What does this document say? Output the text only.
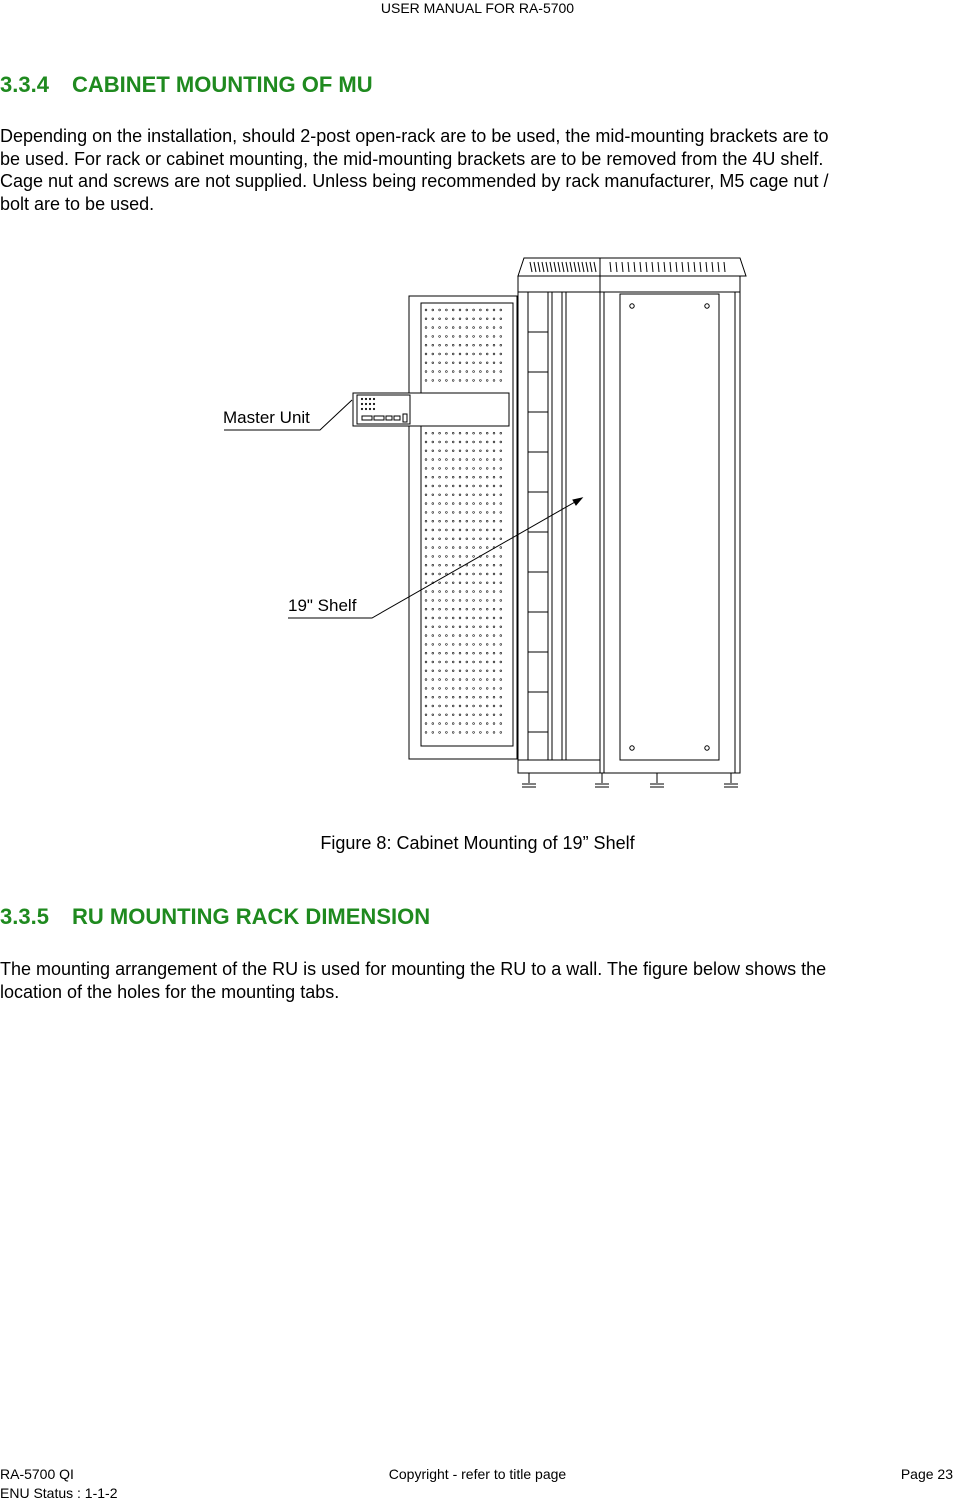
USER MANUAL FOR RA-5700
3.3.4 CABINET MOUNTING OF MU

Depending on the installation, should 2-post open-rack are to be used, the mid-mounting brackets are to
be used. For rack or cabinet mounting, the mid-mounting brackets are to be removed from the 4U shelf.
Cage nut and screws are not supplied. Unless being recommended by rack manufacturer, M5 cage nut /
bolt are to be used.

Master Unit
19" Shelf
Figure 8: Cabinet Mounting of 19” Shelf
3.3.5 RU MOUNTING RACK DIMENSION

The mounting arrangement of the RU is used for mounting the RU to a wall. The figure below shows the
location of the holes for the mounting tabs.

RA-5700 QI
ENU Status : 1-1-2
Copyright - refer to title page	Page 23
